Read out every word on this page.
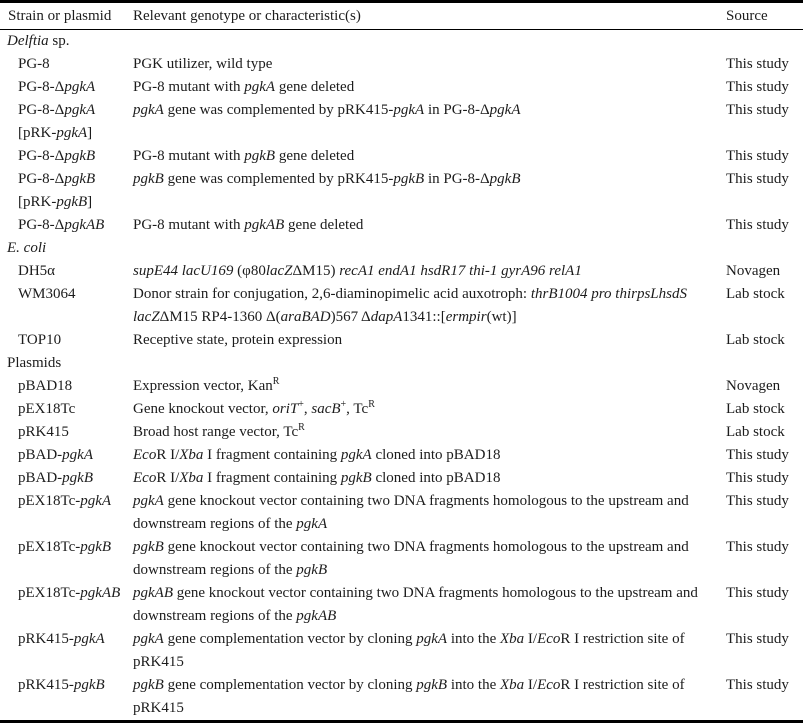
Strain or plasmid	Relevant genotype or characteristic(s)	Source
Delftia sp.		

PG-8	PGK utilizer, wild type	This study

PG-8-ΔpgkA	PG-8 mutant with pgkA gene deleted	This study

PG-8-ΔpgkA
[pRK-pgkA]	pgkA gene was complemented by pRK415-pgkA in PG-8-ΔpgkA	This study

PG-8-ΔpgkB	PG-8 mutant with pgkB gene deleted	This study

PG-8-ΔpgkB
[pRK-pgkB]	pgkB gene was complemented by pRK415-pgkB in PG-8-ΔpgkB	This study

PG-8-ΔpgkAB	PG-8 mutant with pgkAB gene deleted	This study
E. coli		

DH5α	supE44 lacU169 (φ80lacZΔM15) recA1 endA1 hsdR17 thi-1 gyrA96 relA1	Novagen

WM3064	Donor strain for conjugation, 2,6-diaminopimelic acid auxotroph: thrB1004 pro thirpsLhsdS
lacZΔM15 RP4-1360 Δ(araBAD)567 ΔdapA1341::[ermpir(wt)]	Lab stock

TOP10	Receptive state, protein expression	Lab stock
Plasmids		

pBAD18	Expression vector, Kan$^R$	Novagen

pEX18Tc	Gene knockout vector, oriT+, sacB+, $Tc^R$	Lab stock

pRK415	Broad host range vector, $Tc^R$	Lab stock

pBAD-pgkA	EcoR I/Xba I fragment containing pgkA cloned into pBAD18	This study

pBAD-pgkB	EcoR I/Xba I fragment containing pgkB cloned into pBAD18	This study

pEX18Tc-pgkA	pgkA gene knockout vector containing two DNA fragments homologous to the upstream and
downstream regions of the pgkA	This study

pEX18Tc-pgkB	pgkB gene knockout vector containing two DNA fragments homologous to the upstream and
downstream regions of the pgkB	This study

pEX18Tc-pgkAB	pgkAB gene knockout vector containing two DNA fragments homologous to the upstream and
downstream regions of the pgkAB	This study

pRK415-pgkA	pgkA gene complementation vector by cloning pgkA into the Xba I/EcoR I restriction site of
pRK415	This study

pRK415-pgkB	pgkB gene complementation vector by cloning pgkB into the Xba I/EcoR I restriction site of
pRK415	This study
